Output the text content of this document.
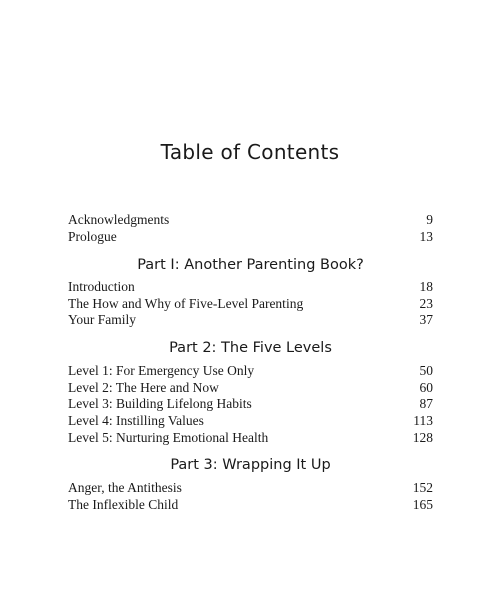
Table of Contents
Acknowledgments	9
Prologue	13
Part I: Another Parenting Book?
Introduction	18
The How and Why of Five-Level Parenting	23
Your Family	37
Part 2: The Five Levels
Level 1: For Emergency Use Only	50
Level 2: The Here and Now	60
Level 3: Building Lifelong Habits	87
Level 4: Instilling Values	113
Level 5: Nurturing Emotional Health	128
Part 3: Wrapping It Up
Anger, the Antithesis	152
The Inflexible Child	165
